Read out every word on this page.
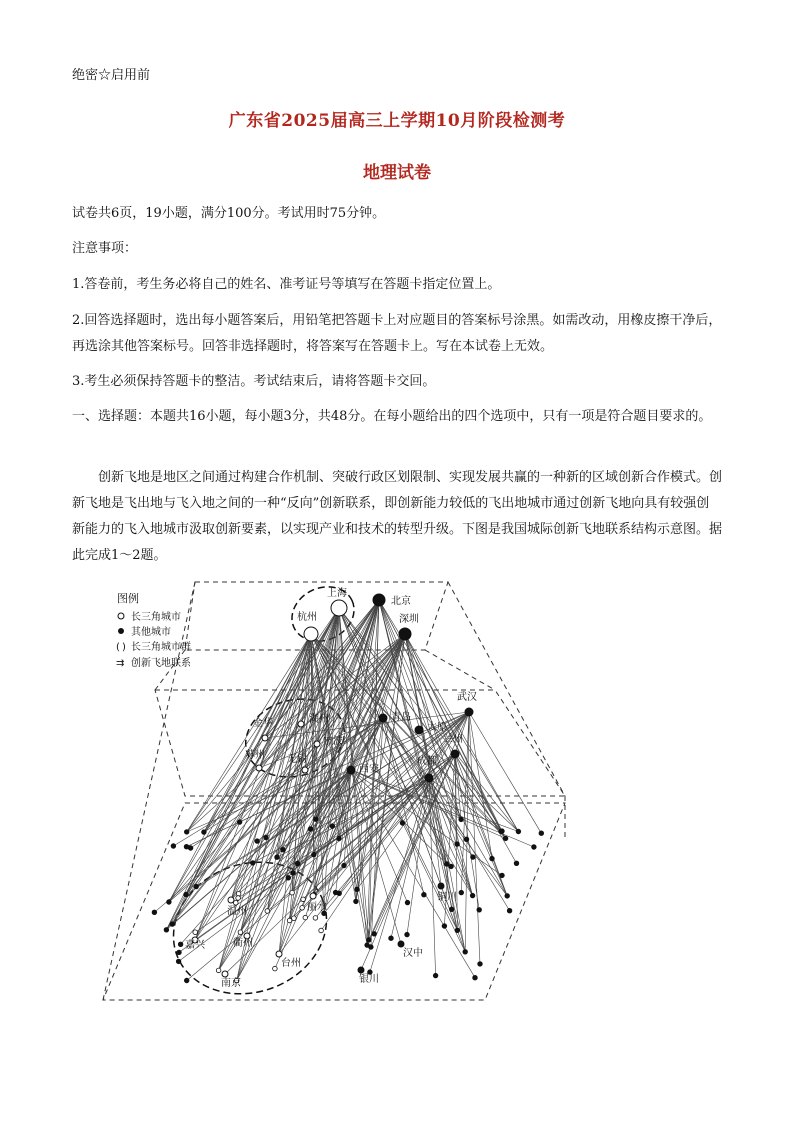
绝密☆启用前
广东省2025届高三上学期10月阶段检测考
地理试卷
试卷共6页，19小题，满分100分。考试用时75分钟。
注意事项：
1.答卷前，考生务必将自己的姓名、准考证号等填写在答题卡指定位置上。
2.回答选择题时，选出每小题答案后，用铅笔把答题卡上对应题目的答案标号涂黑。如需改动，用橡皮擦干净后，再选涂其他答案标号。回答非选择题时，将答案写在答题卡上。写在本试卷上无效。
3.考生必须保持答题卡的整洁。考试结束后，请将答题卡交回。
一、选择题：本题共16小题，每小题3分，共48分。在每小题给出的四个选项中，只有一项是符合题目要求的。
创新飞地是地区之间通过构建合作机制、突破行政区划限制、实现发展共赢的一种新的区域创新合作模式。创新飞地是飞出地与飞入地之间的一种“反向”创新联系，即创新能力较低的飞出地城市通过创新飞地向具有较强创新能力的飞入地城市汲取创新要素，以实现产业和技术的转型升级。下图是我国城际创新飞地联系结构示意图。据此完成1～2题。
上海
北京
杭州	深圳
金华	湖州	青岛
太原
武汉
苏州
宁波	兰州
无锡
西安
成都
温州	丽水
铜川
嘉兴	衢州
汉中
台州
南京	银川
图例
长三角城市
其他城市
( ) 长三角城市群
⇉ 创新飞地联系
